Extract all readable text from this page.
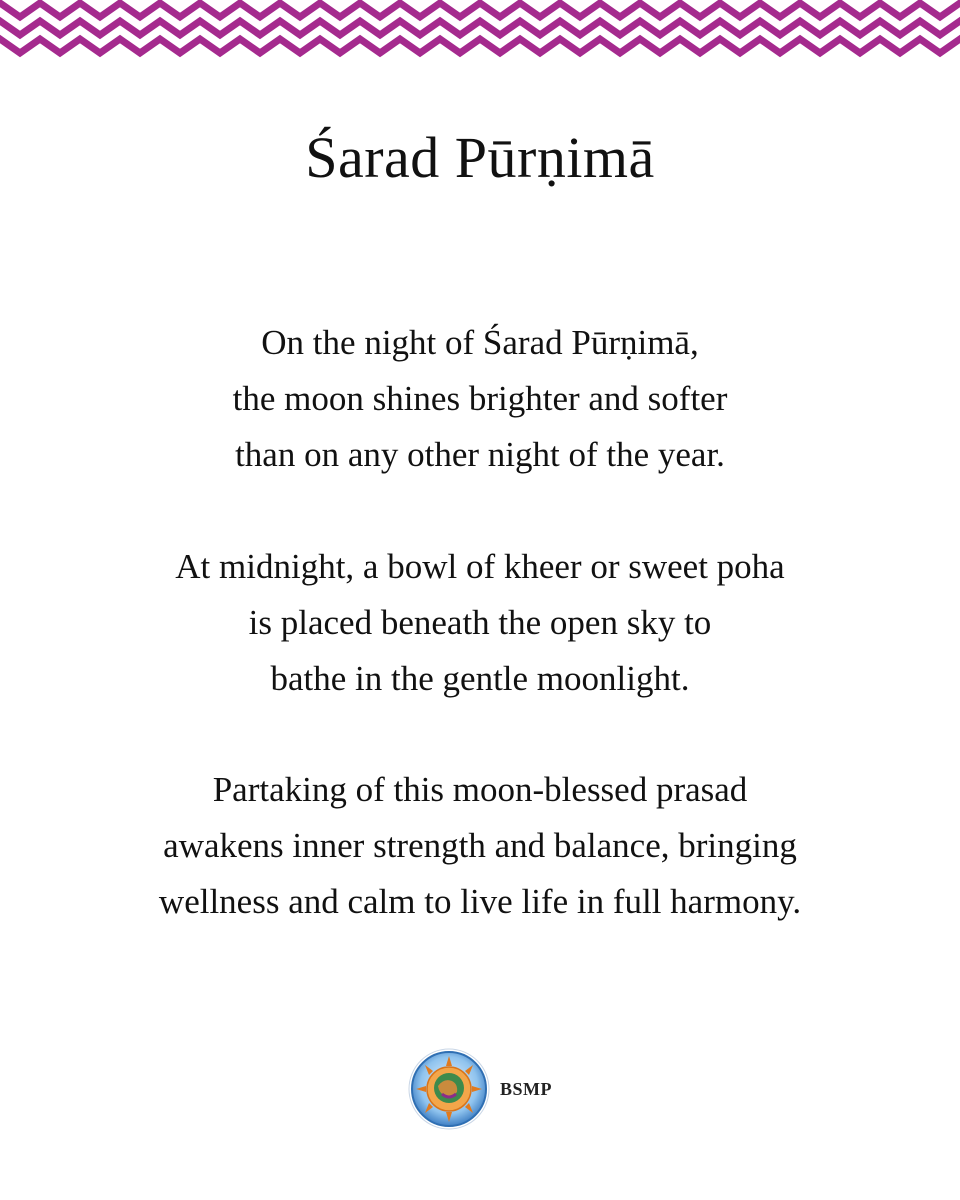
Śarad Pūrṇimā
On the night of Śarad Pūrṇimā,
the moon shines brighter and softer
than on any other night of the year.
At midnight, a bowl of kheer or sweet poha
is placed beneath the open sky to
bathe in the gentle moonlight.
Partaking of this moon-blessed prasad
awakens inner strength and balance, bringing
wellness and calm to live life in full harmony.
BSMP
